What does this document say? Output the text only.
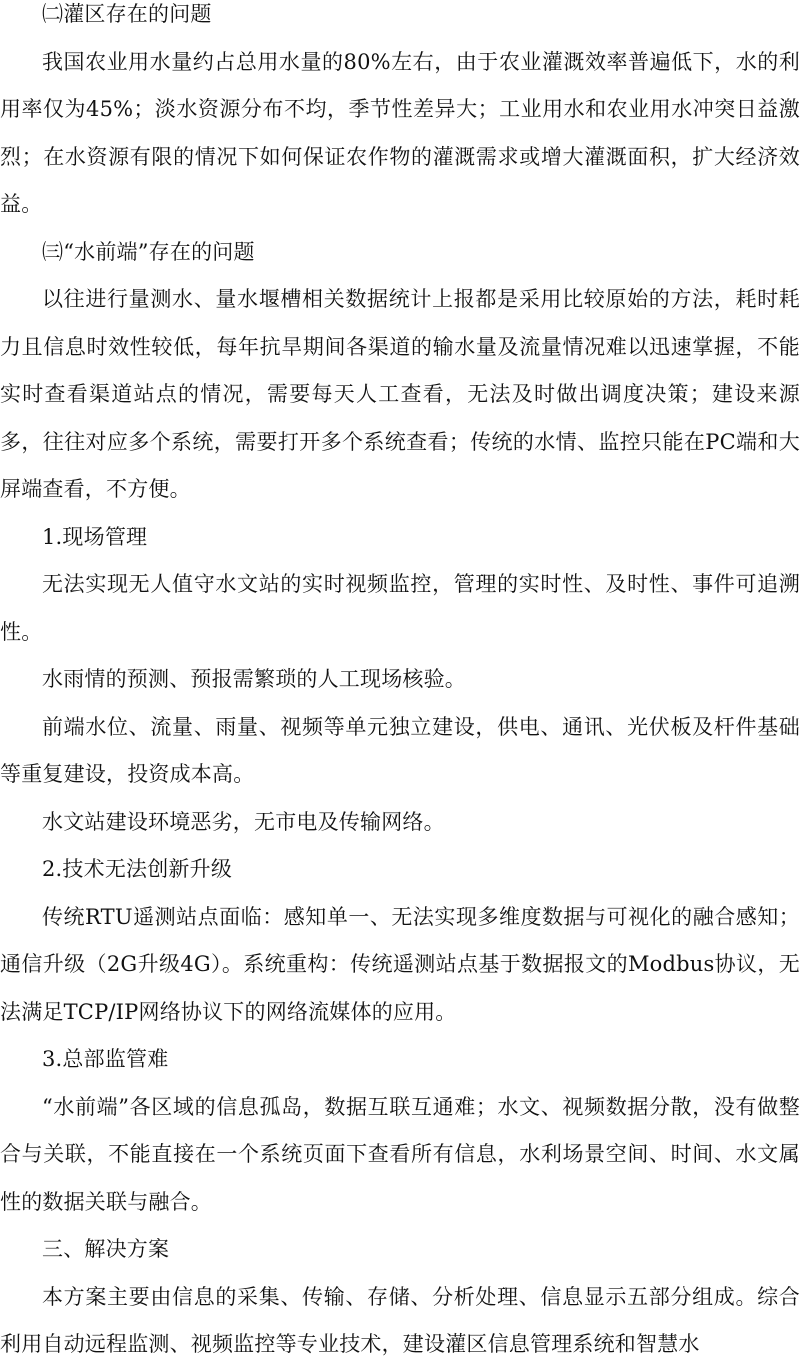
㈡灌区存在的问题

我国农业用水量约占总用水量的80%左右，由于农业灌溉效率普遍低下，水的利用率仅为45%；淡水资源分布不均，季节性差异大；工业用水和农业用水冲突日益激烈；在水资源有限的情况下如何保证农作物的灌溉需求或增大灌溉面积，扩大经济效益。

㈢“水前端”存在的问题

以往进行量测水、量水堰槽相关数据统计上报都是采用比较原始的方法，耗时耗力且信息时效性较低，每年抗旱期间各渠道的输水量及流量情况难以迅速掌握，不能实时查看渠道站点的情况，需要每天人工查看，无法及时做出调度决策；建设来源多，往往对应多个系统，需要打开多个系统查看；传统的水情、监控只能在PC端和大屏端查看，不方便。

1.现场管理

无法实现无人值守水文站的实时视频监控，管理的实时性、及时性、事件可追溯性。

水雨情的预测、预报需繁琐的人工现场核验。

前端水位、流量、雨量、视频等单元独立建设，供电、通讯、光伏板及杆件基础等重复建设，投资成本高。

水文站建设环境恶劣，无市电及传输网络。

2.技术无法创新升级

传统RTU遥测站点面临：感知单一、无法实现多维度数据与可视化的融合感知；通信升级（2G升级4G）。系统重构：传统遥测站点基于数据报文的Modbus协议，无法满足TCP/IP网络协议下的网络流媒体的应用。

3.总部监管难

“水前端”各区域的信息孤岛，数据互联互通难；水文、视频数据分散，没有做整合与关联，不能直接在一个系统页面下查看所有信息，水利场景空间、时间、水文属性的数据关联与融合。

三、解决方案

本方案主要由信息的采集、传输、存储、分析处理、信息显示五部分组成。综合利用自动远程监测、视频监控等专业技术，建设灌区信息管理系统和智慧水
